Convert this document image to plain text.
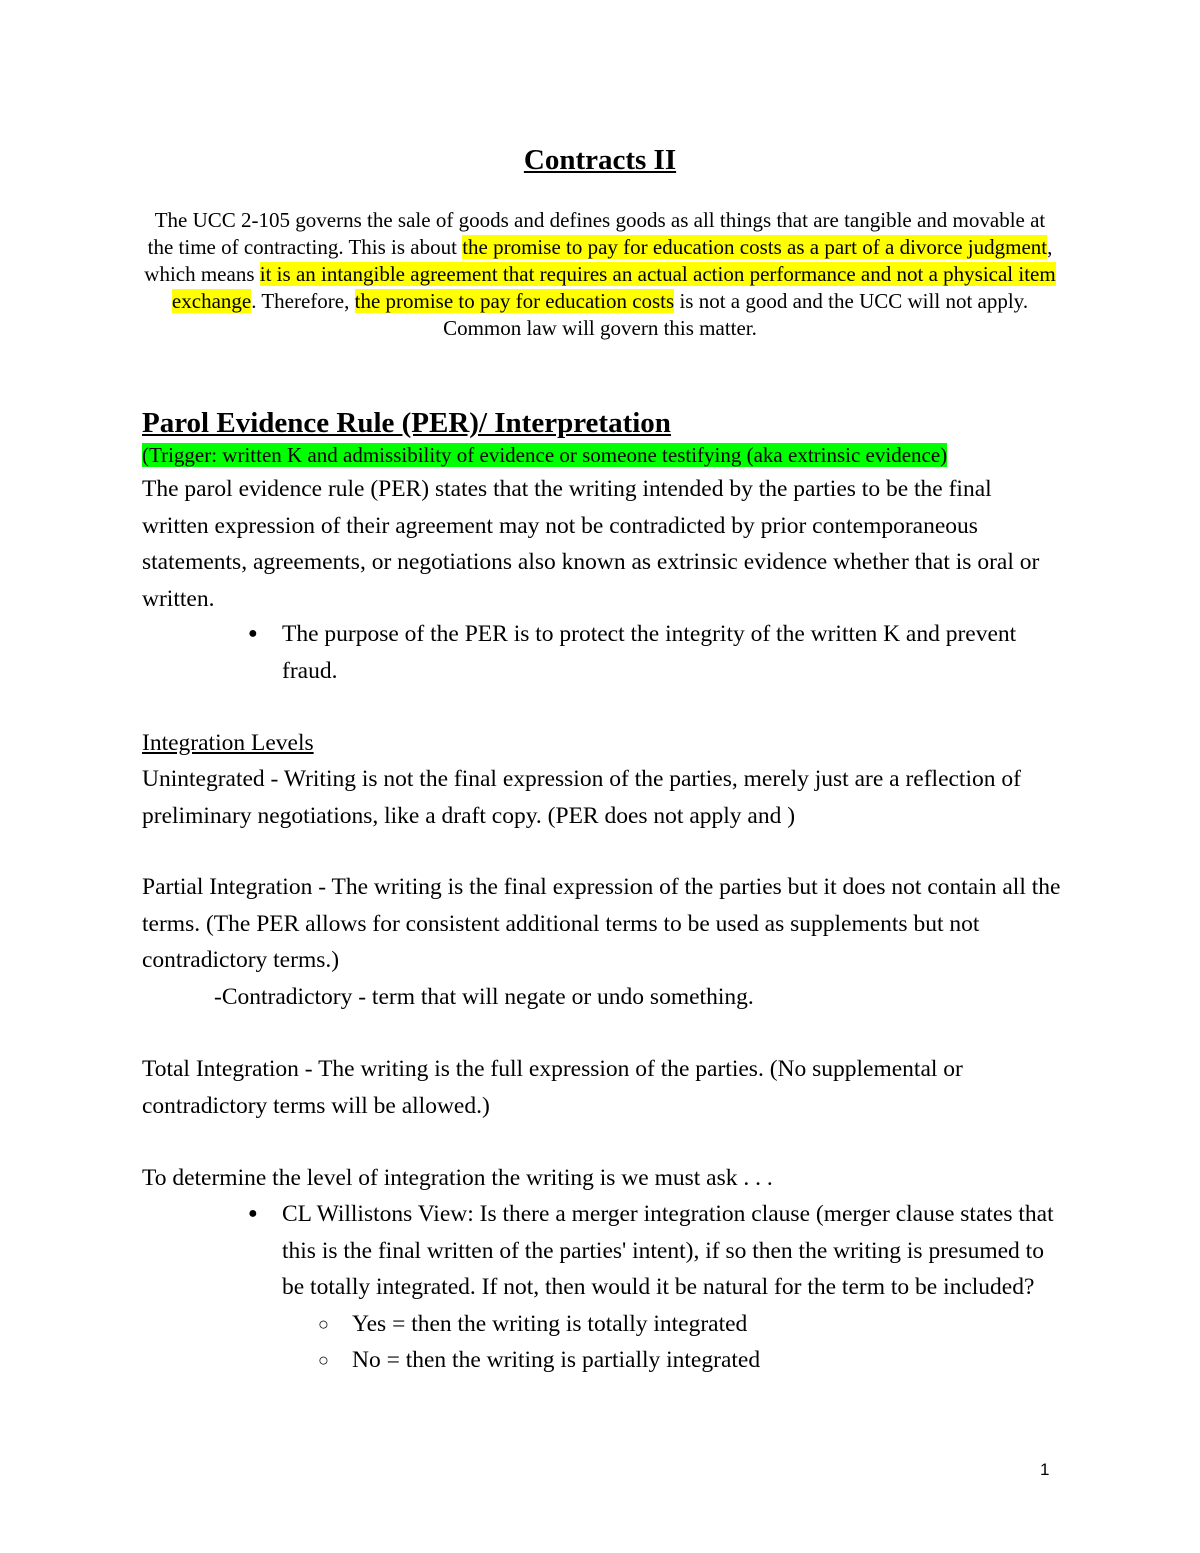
Contracts II
The UCC 2-105 governs the sale of goods and defines goods as all things that are tangible and movable at the time of contracting. This is about the promise to pay for education costs as a part of a divorce judgment, which means it is an intangible agreement that requires an actual action performance and not a physical item exchange. Therefore, the promise to pay for education costs is not a good and the UCC will not apply. Common law will govern this matter.
Parol Evidence Rule (PER)/ Interpretation
(Trigger: written K and admissibility of evidence or someone testifying (aka extrinsic evidence)
The parol evidence rule (PER) states that the writing intended by the parties to be the final written expression of their agreement may not be contradicted by prior contemporaneous statements, agreements, or negotiations also known as extrinsic evidence whether that is oral or written.
● The purpose of the PER is to protect the integrity of the written K and prevent fraud.
Integration Levels
Unintegrated - Writing is not the final expression of the parties, merely just are a reflection of preliminary negotiations, like a draft copy. (PER does not apply and )
Partial Integration - The writing is the final expression of the parties but it does not contain all the terms. (The PER allows for consistent additional terms to be used as supplements but not contradictory terms.)
-Contradictory - term that will negate or undo something.
Total Integration - The writing is the full expression of the parties. (No supplemental or contradictory terms will be allowed.)
To determine the level of integration the writing is we must ask . . .
● CL Willistons View: Is there a merger integration clause (merger clause states that this is the final written of the parties' intent), if so then the writing is presumed to be totally integrated. If not, then would it be natural for the term to be included?
○ Yes = then the writing is totally integrated
○ No = then the writing is partially integrated
1
